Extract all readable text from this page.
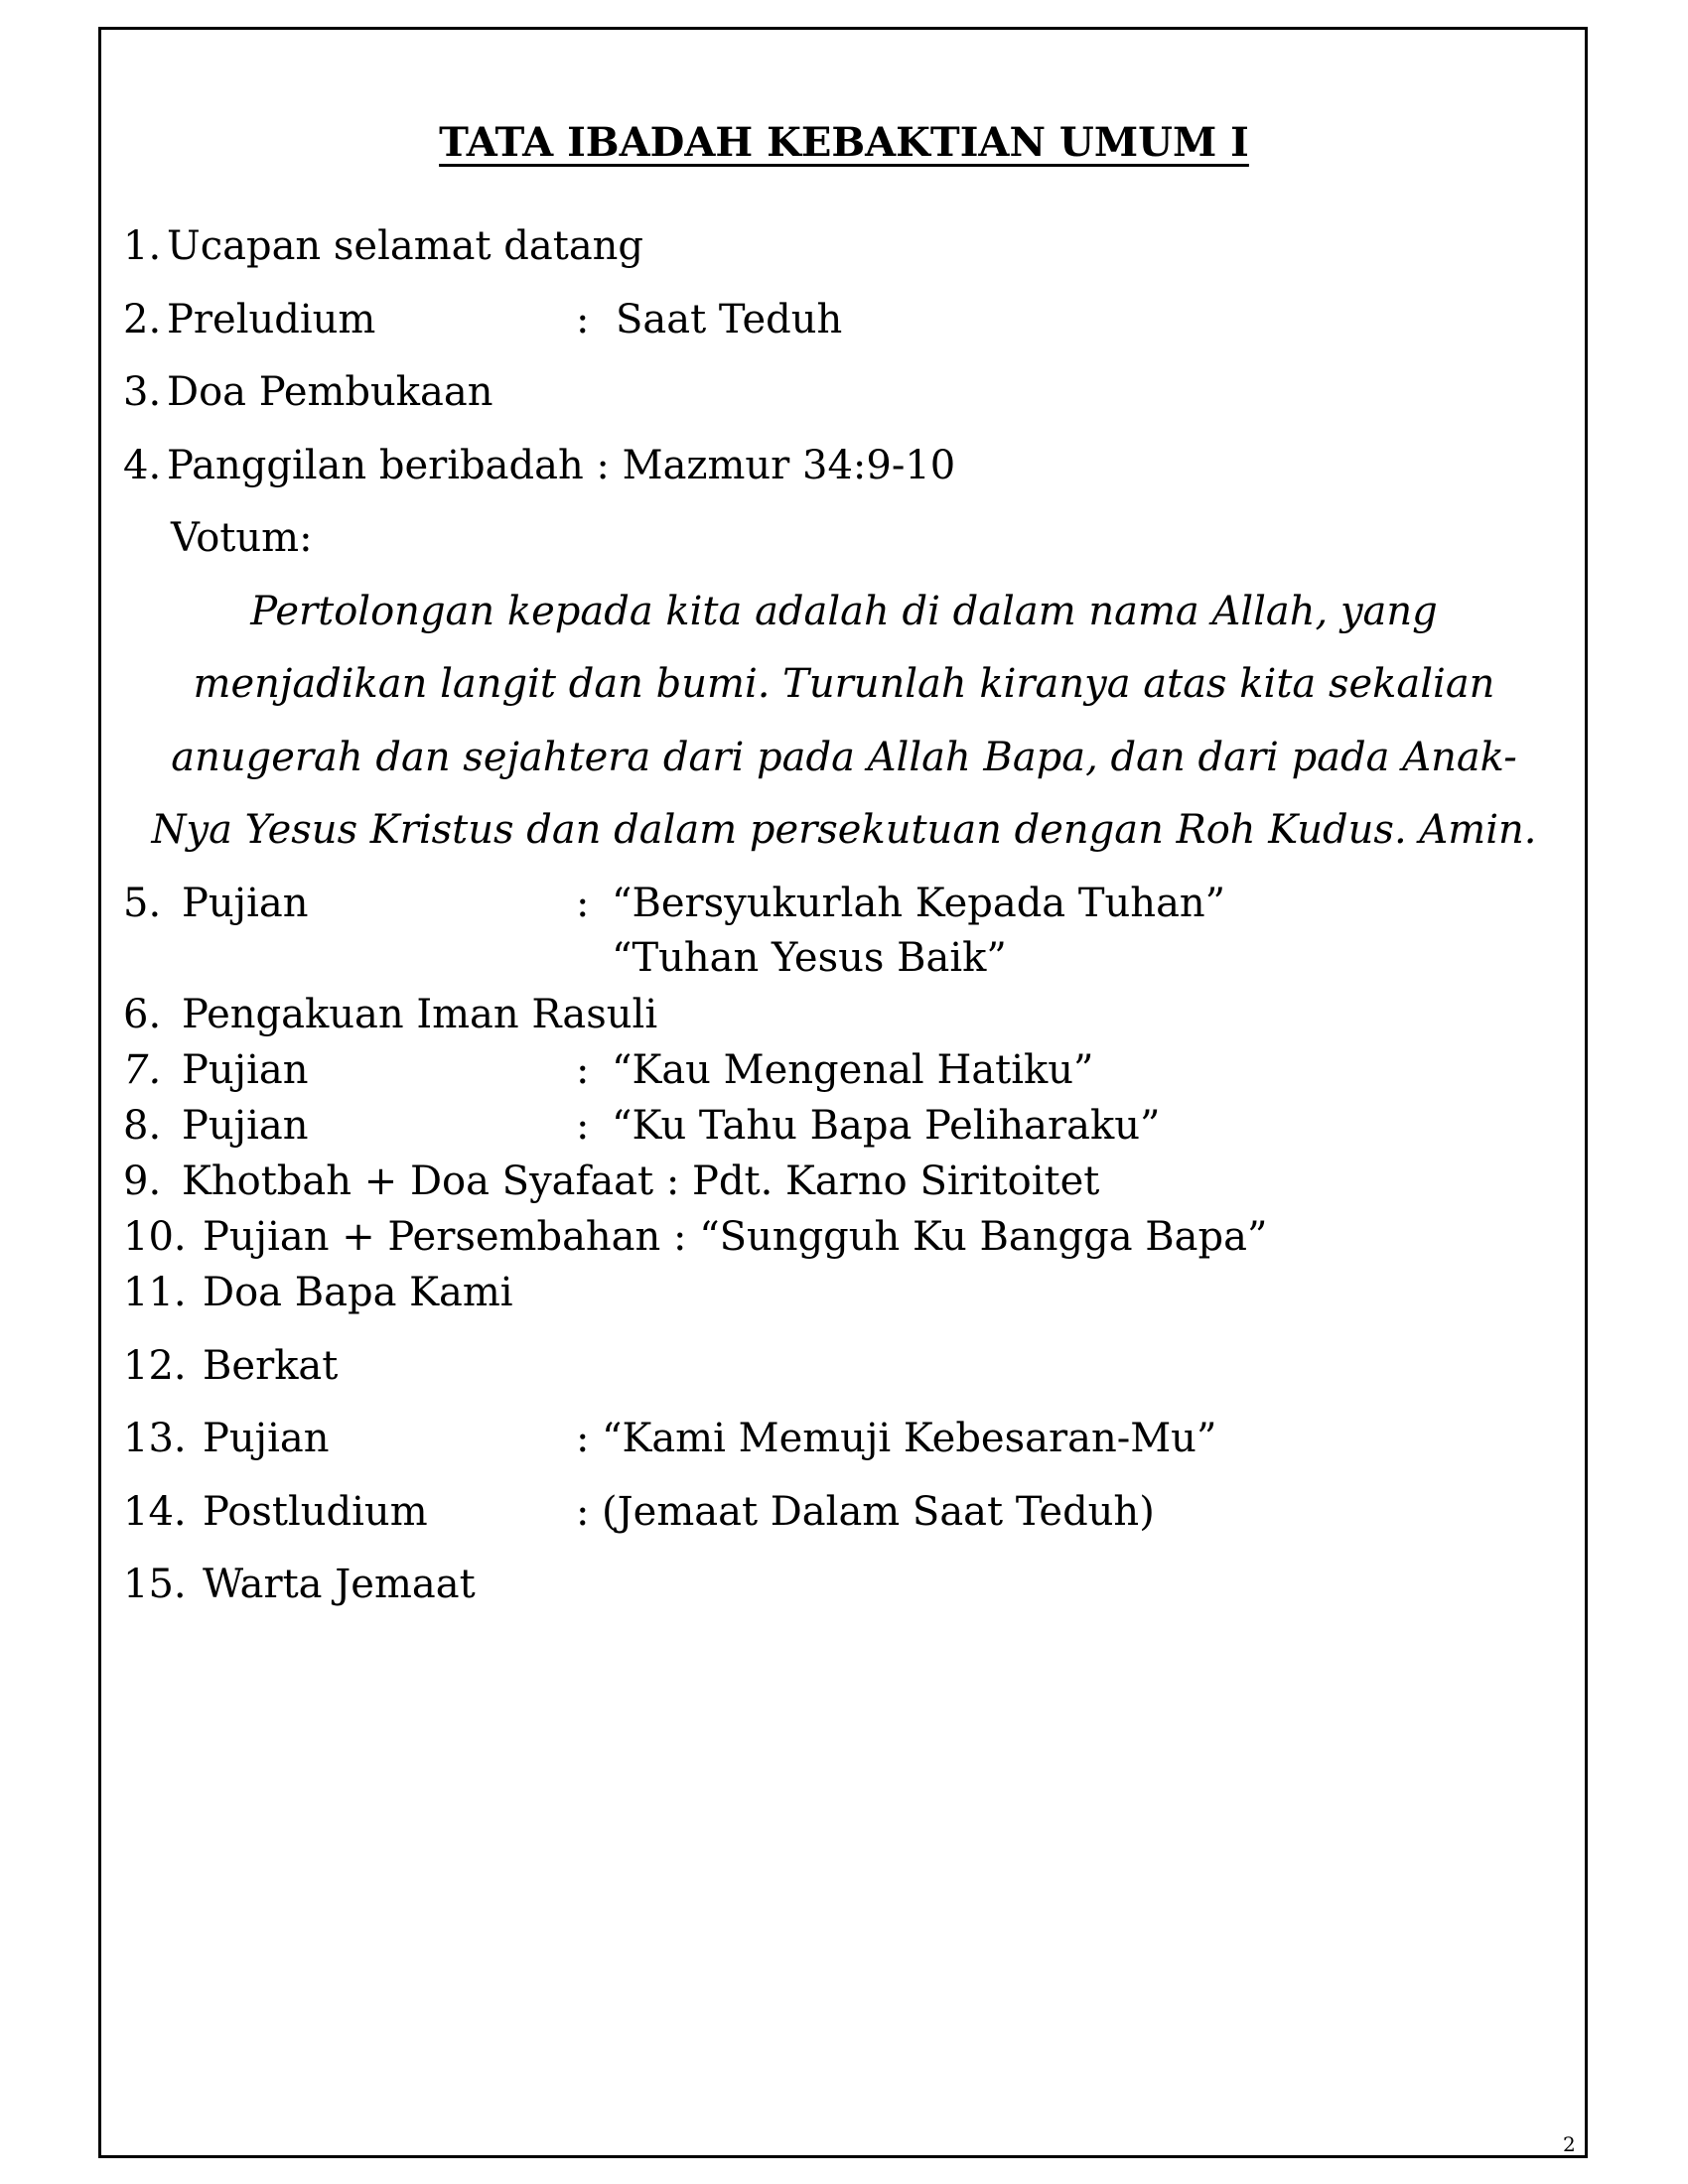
TATA IBADAH KEBAKTIAN UMUM I
1. Ucapan selamat datang
2. Preludium	: Saat Teduh
3. Doa Pembukaan
4. Panggilan beribadah : Mazmur 34:9-10
Votum:
Pertolongan kepada kita adalah di dalam nama Allah, yang
menjadikan langit dan bumi. Turunlah kiranya atas kita sekalian
anugerah dan sejahtera dari pada Allah Bapa, dan dari pada Anak-
Nya Yesus Kristus dan dalam persekutuan dengan Roh Kudus. Amin.
5. Pujian	: “Bersyukurlah Kepada Tuhan”
“Tuhan Yesus Baik”
6. Pengakuan Iman Rasuli
7. Pujian	: “Kau Mengenal Hatiku”
8. Pujian	: “Ku Tahu Bapa Peliharaku”
9. Khotbah + Doa Syafaat : Pdt. Karno Siritoitet
10. Pujian + Persembahan : “Sungguh Ku Bangga Bapa”
11. Doa Bapa Kami
12. Berkat
13. Pujian	: “Kami Memuji Kebesaran-Mu”
14. Postludium	: (Jemaat Dalam Saat Teduh)
15. Warta Jemaat
2
